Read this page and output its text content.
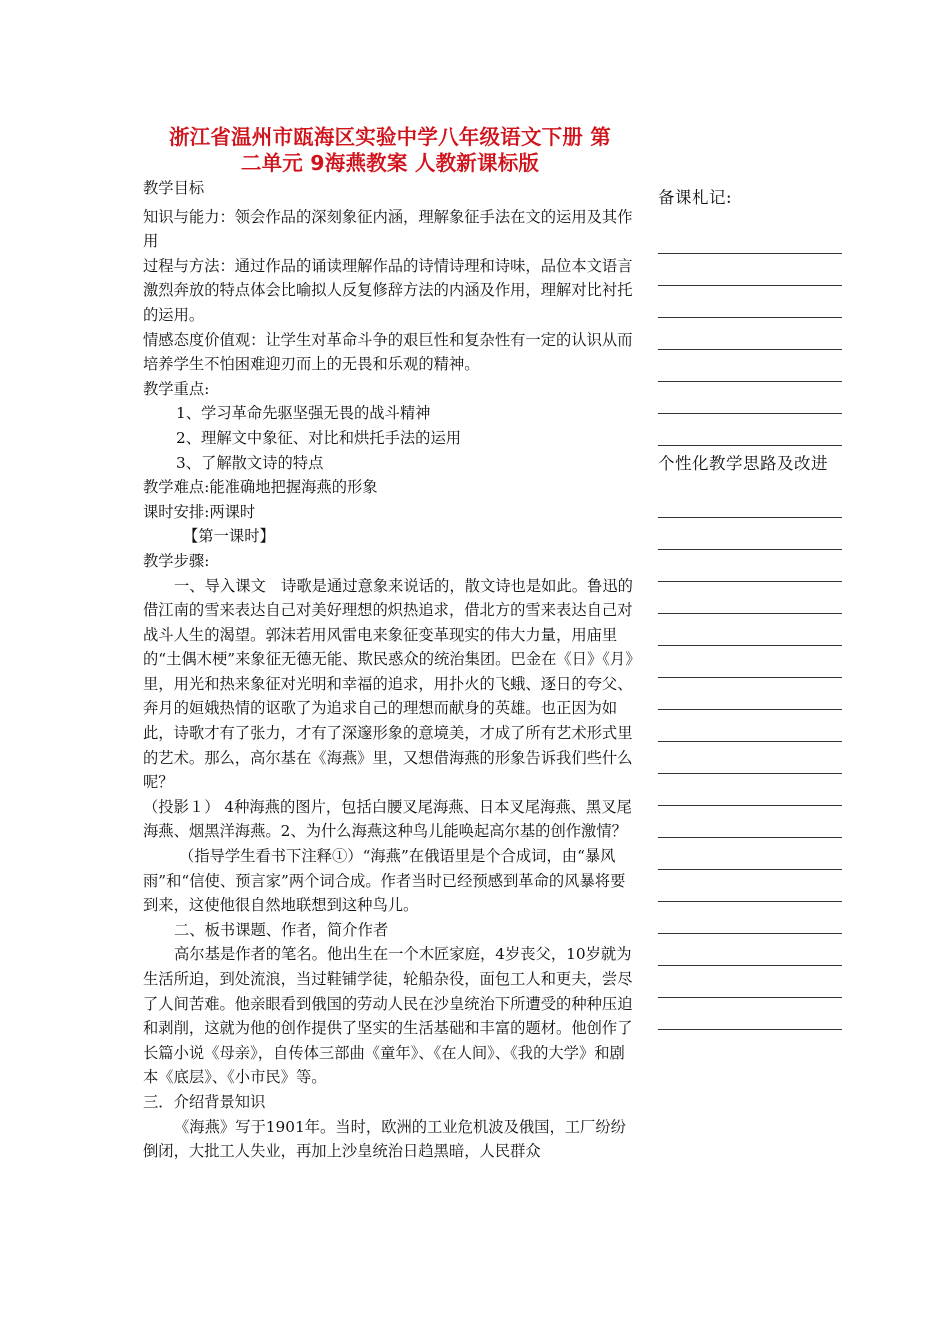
浙江省温州市瓯海区实验中学八年级语文下册 第
二单元 9海燕教案 人教新课标版

教学目标

知识与能力：领会作品的深刻象征内涵，理解象征手法在文的运用及其作用

过程与方法：通过作品的诵读理解作品的诗情诗理和诗味，品位本文语言激烈奔放的特点体会比喻拟人反复修辞方法的内涵及作用，理解对比衬托的运用。

情感态度价值观：让学生对革命斗争的艰巨性和复杂性有一定的认识从而培养学生不怕困难迎刃而上的无畏和乐观的精神。

教学重点:

1、学习革命先驱坚强无畏的战斗精神

2、理解文中象征、对比和烘托手法的运用

3、了解散文诗的特点

教学难点:能准确地把握海燕的形象

课时安排:两课时

【第一课时】

教学步骤:

一、导入课文　诗歌是通过意象来说话的，散文诗也是如此。鲁迅的借江南的雪来表达自己对美好理想的炽热追求，借北方的雪来表达自己对战斗人生的渴望。郭沫若用风雷电来象征变革现实的伟大力量，用庙里的“土偶木梗”来象征无德无能、欺民惑众的统治集团。巴金在《日》《月》里，用光和热来象征对光明和幸福的追求，用扑火的飞蛾、逐日的夸父、奔月的姮娥热情的讴歌了为追求自己的理想而献身的英雄。也正因为如此，诗歌才有了张力，才有了深邃形象的意境美，才成了所有艺术形式里的艺术。那么，高尔基在《海燕》里，又想借海燕的形象告诉我们些什么呢？

（投影１） 4种海燕的图片，包括白腰叉尾海燕、日本叉尾海燕、黑叉尾海燕、烟黑洋海燕。2、为什么海燕这种鸟儿能唤起高尔基的创作激情？

（指导学生看书下注释①）“海燕”在俄语里是个合成词，由“暴风雨”和“信使、预言家”两个词合成。作者当时已经预感到革命的风暴将要到来，这使他很自然地联想到这种鸟儿。

二、板书课题、作者，简介作者

高尔基是作者的笔名。他出生在一个木匠家庭，4岁丧父，10岁就为生活所迫，到处流浪，当过鞋铺学徒，轮船杂役，面包工人和更夫，尝尽了人间苦难。他亲眼看到俄国的劳动人民在沙皇统治下所遭受的种种压迫和剥削，这就为他的创作提供了坚实的生活基础和丰富的题材。他创作了长篇小说《母亲》，自传体三部曲《童年》、《在人间》、《我的大学》和剧本《底层》、《小市民》等。

三．介绍背景知识

《海燕》写于1901年。当时，欧洲的工业危机波及俄国，工厂纷纷倒闭，大批工人失业，再加上沙皇统治日趋黑暗，人民群众

备课札记:

个性化教学思路及改进
